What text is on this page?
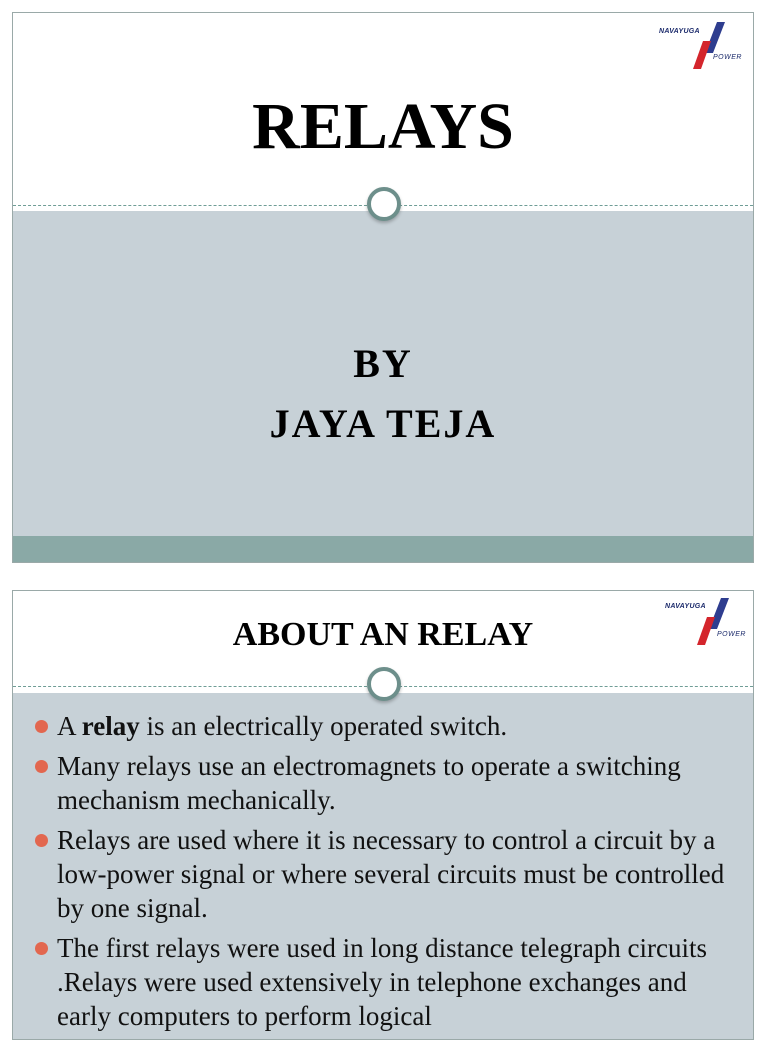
NAVAYUGA
POWER
RELAYS
BY
JAYA TEJA
NAVAYUGA
POWER
ABOUT AN RELAY
A relay is an electrically operated switch.
Many relays use an electromagnets to operate a switching mechanism mechanically.
Relays are used where it is necessary to control a circuit by a low-power signal or where several circuits must be controlled by one signal.
The first relays were used in long distance telegraph circuits .Relays were used extensively in telephone exchanges and early computers to perform logical
